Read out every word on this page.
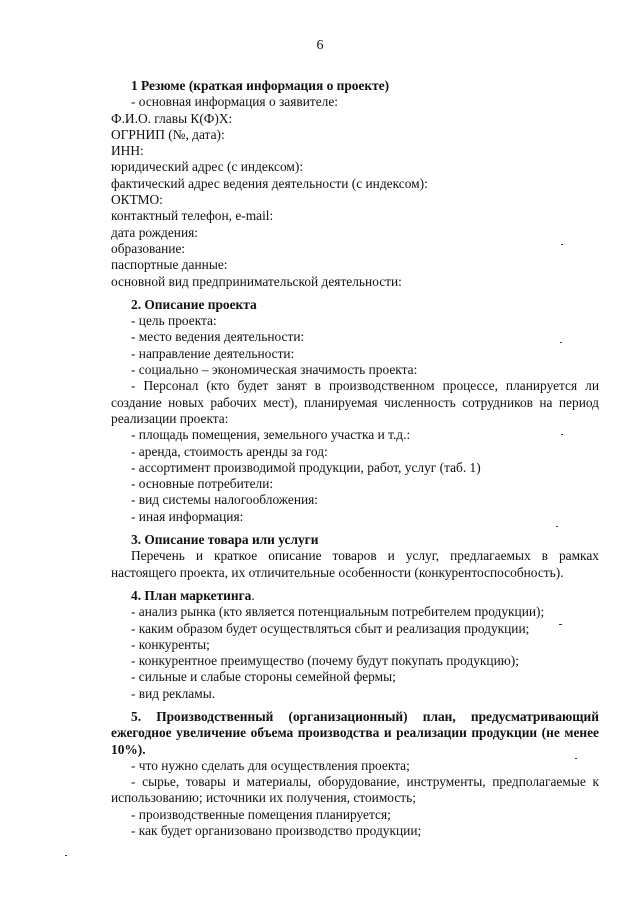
6
1 Резюме (краткая информация о проекте)
- основная информация о заявителе:
Ф.И.О. главы К(Ф)Х:
ОГРНИП (№, дата):
ИНН:
юридический адрес (с индексом):
фактический адрес ведения деятельности (с индексом):
ОКТМО:
контактный телефон, e-mail:
дата рождения:
образование:
паспортные данные:
основной вид предпринимательской деятельности:
2. Описание проекта
- цель проекта:
- место ведения деятельности:
- направление деятельности:
- социально – экономическая значимость проекта:
- Персонал (кто будет занят в производственном процессе, планируется ли создание новых рабочих мест), планируемая численность сотрудников на период реализации проекта:
- площадь помещения, земельного участка и т.д.:
- аренда, стоимость аренды за год:
- ассортимент производимой продукции, работ, услуг (таб. 1)
- основные потребители:
- вид системы налогообложения:
- иная информация:
3. Описание товара или услуги
Перечень и краткое описание товаров и услуг, предлагаемых в рамках настоящего проекта, их отличительные особенности (конкурентоспособность).
4. План маркетинга.
- анализ рынка (кто является потенциальным потребителем продукции);
- каким образом будет осуществляться сбыт и реализация продукции;
- конкуренты;
- конкурентное преимущество (почему будут покупать продукцию);
- сильные и слабые стороны семейной фермы;
- вид рекламы.
5. Производственный (организационный) план, предусматривающий ежегодное увеличение объема производства и реализации продукции (не менее 10%).
- что нужно сделать для осуществления проекта;
- сырье, товары и материалы, оборудование, инструменты, предполагаемые к использованию; источники их получения, стоимость;
- производственные помещения планируется;
- как будет организовано производство продукции;
